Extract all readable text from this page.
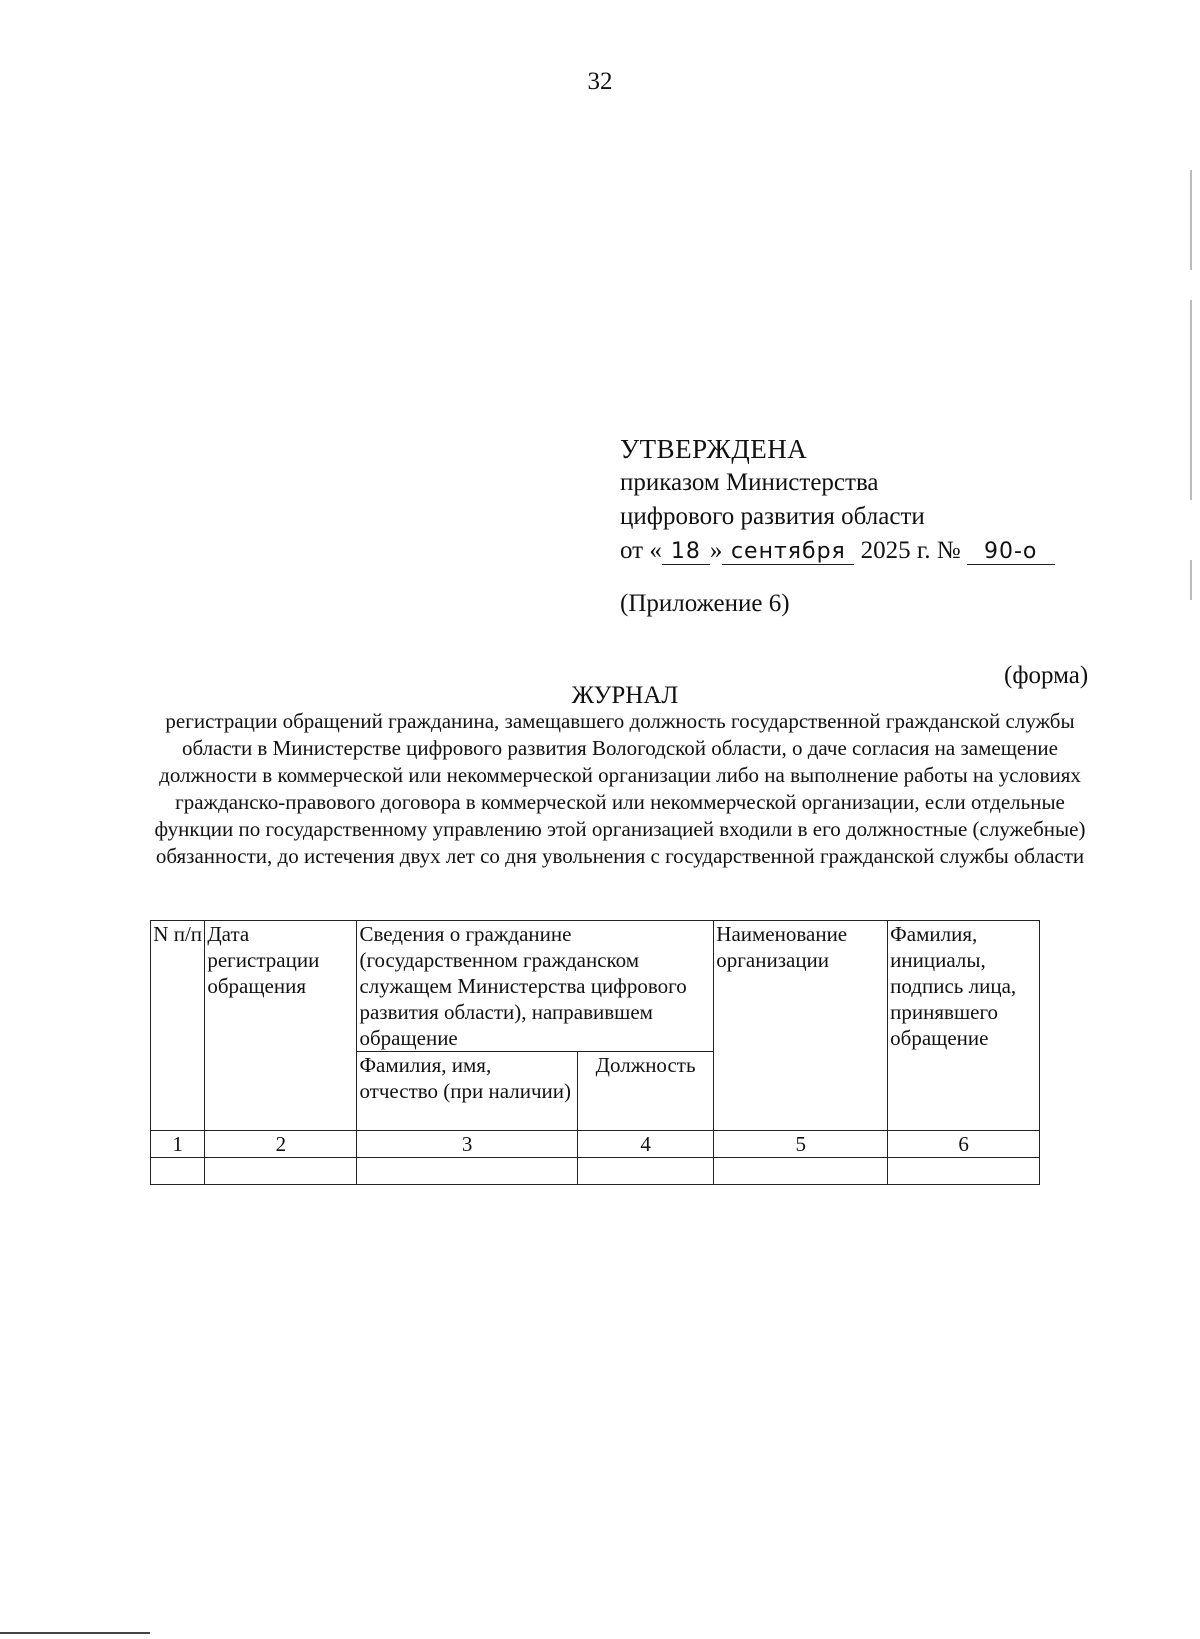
32
УТВЕРЖДЕНА
приказом Министерства
цифрового развития области
от « 18 » сентября 2025 г. № 90-о
(Приложение 6)
(форма)
ЖУРНАЛ
регистрации обращений гражданина, замещавшего должность государственной гражданской службы области в Министерстве цифрового развития Вологодской области, о даче согласия на замещение должности в коммерческой или некоммерческой организации либо на выполнение работы на условиях гражданско-правового договора в коммерческой или некоммерческой организации, если отдельные функции по государственному управлению этой организацией входили в его должностные (служебные) обязанности, до истечения двух лет со дня увольнения с государственной гражданской службы области
N п/п	Дата регистрации обращения	Сведения о гражданине (государственном гражданском служащем Министерства цифрового развития области), направившем обращение		Наименование организации	Фамилия, инициалы, подпись лица, принявшего обращение
		Фамилия, имя, отчество (при наличии)	Должность		
1	2	3	4	5	6
